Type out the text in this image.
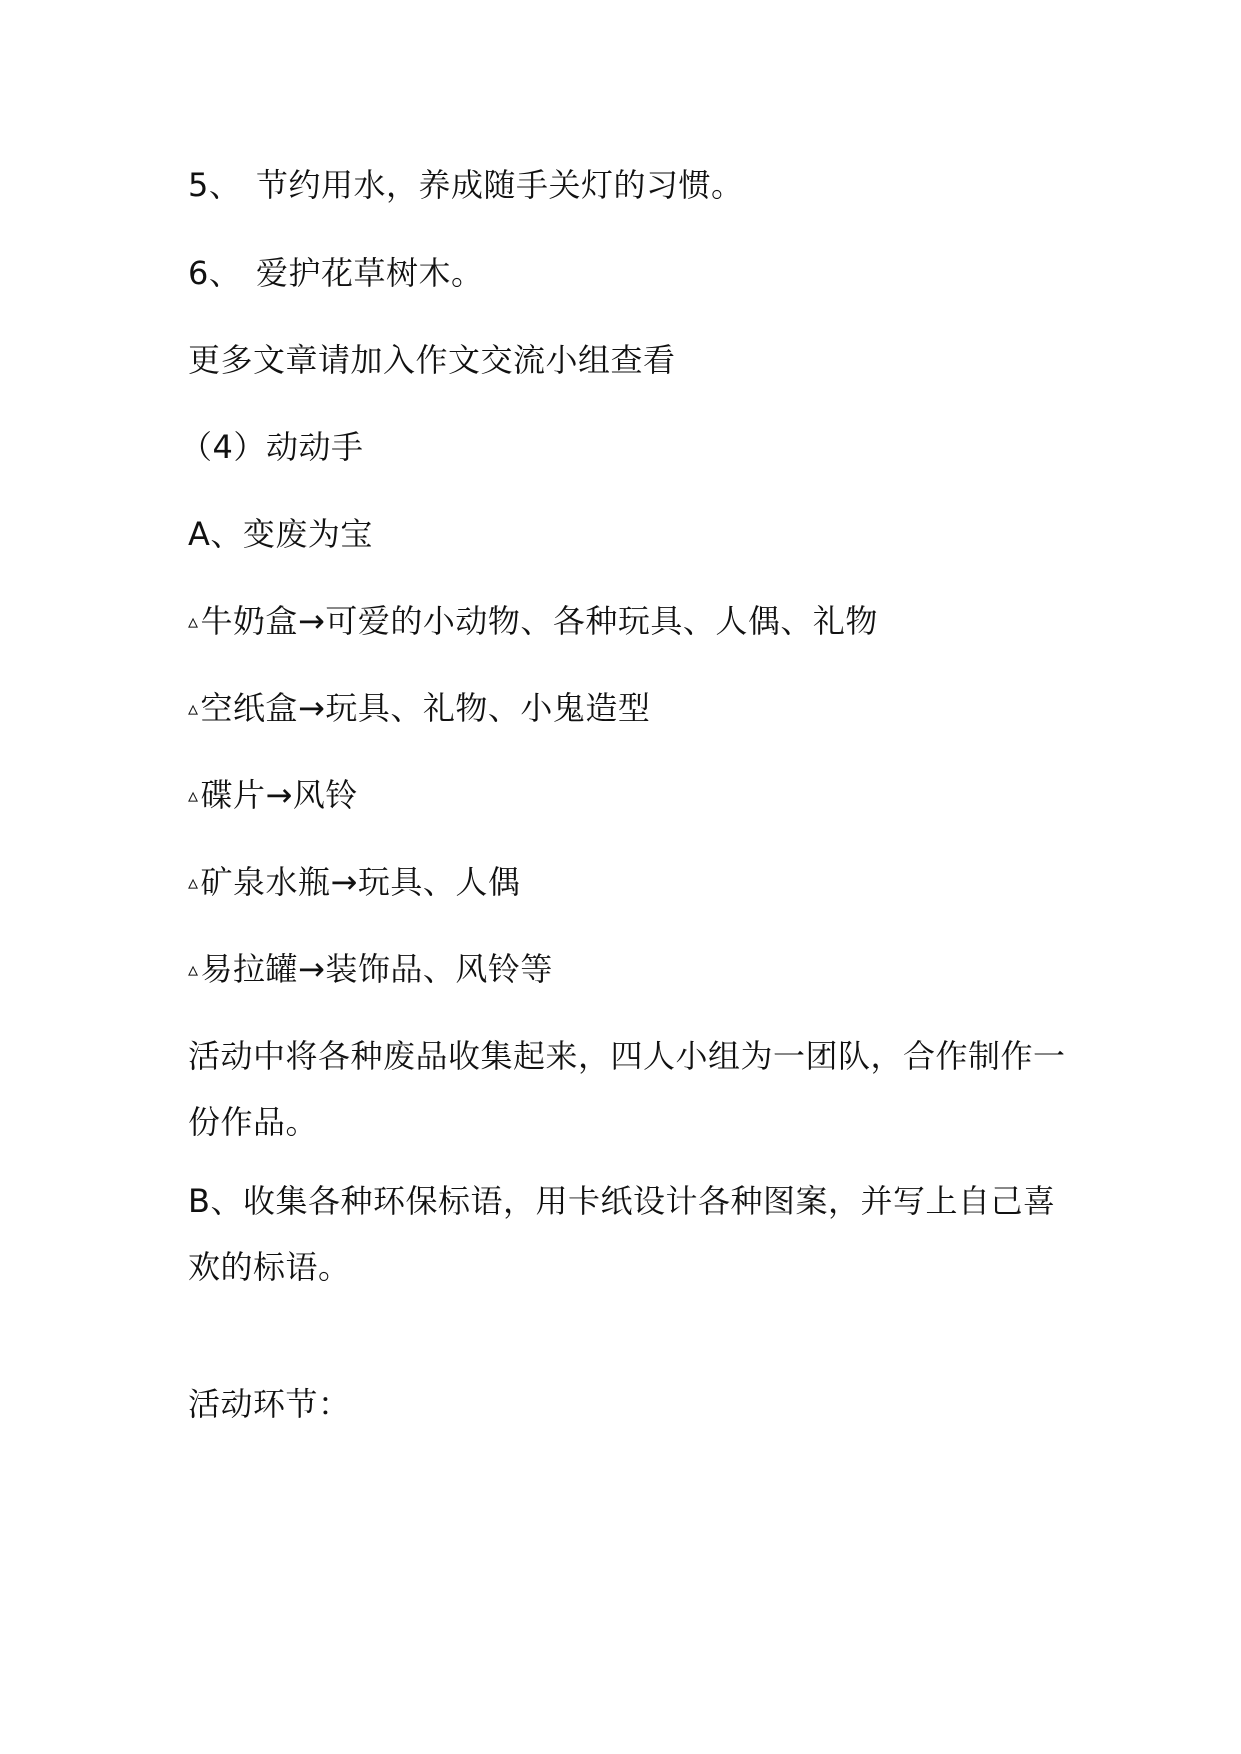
5、 节约用水，养成随手关灯的习惯。
6、 爱护花草树木。
更多文章请加入作文交流小组查看
（4）动动手
A、变废为宝
▵牛奶盒→可爱的小动物、各种玩具、人偶、礼物
▵空纸盒→玩具、礼物、小鬼造型
▵碟片→风铃
▵矿泉水瓶→玩具、人偶
▵易拉罐→装饰品、风铃等
活动中将各种废品收集起来，四人小组为一团队，合作制作一份作品。
B、收集各种环保标语，用卡纸设计各种图案，并写上自己喜欢的标语。
活动环节：
